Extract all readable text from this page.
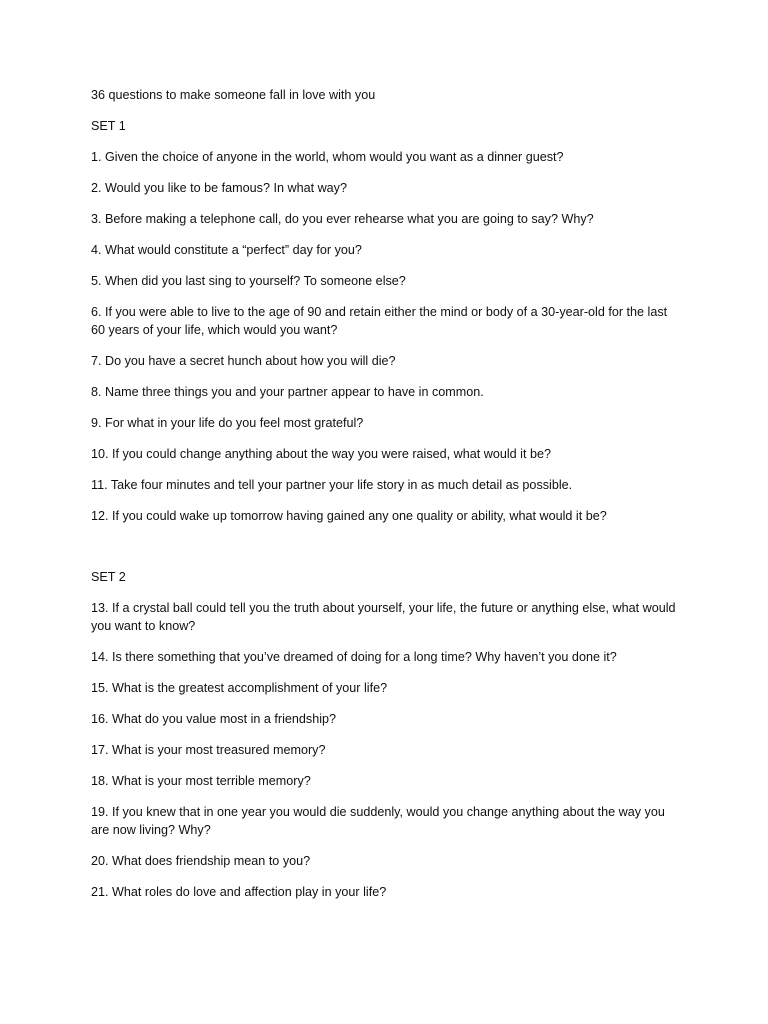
36 questions to make someone fall in love with you

SET 1

1. Given the choice of anyone in the world, whom would you want as a dinner guest?

2. Would you like to be famous? In what way?

3. Before making a telephone call, do you ever rehearse what you are going to say? Why?

4. What would constitute a “perfect” day for you?

5. When did you last sing to yourself? To someone else?

6. If you were able to live to the age of 90 and retain either the mind or body of a 30-year-old for the last 60 years of your life, which would you want?

7. Do you have a secret hunch about how you will die?

8. Name three things you and your partner appear to have in common.

9. For what in your life do you feel most grateful?

10. If you could change anything about the way you were raised, what would it be?

11. Take four minutes and tell your partner your life story in as much detail as possible.

12. If you could wake up tomorrow having gained any one quality or ability, what would it be?

SET 2

13. If a crystal ball could tell you the truth about yourself, your life, the future or anything else, what would you want to know?

14. Is there something that you’ve dreamed of doing for a long time? Why haven’t you done it?

15. What is the greatest accomplishment of your life?

16. What do you value most in a friendship?

17. What is your most treasured memory?

18. What is your most terrible memory?

19. If you knew that in one year you would die suddenly, would you change anything about the way you are now living? Why?

20. What does friendship mean to you?

21. What roles do love and affection play in your life?
